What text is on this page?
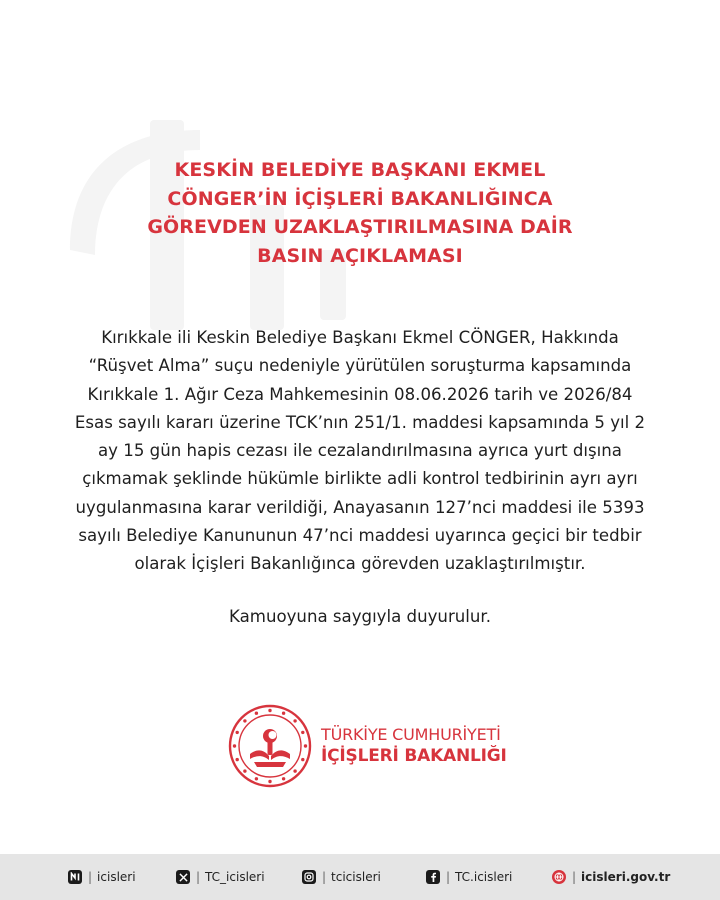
KESKİN BELEDİYE BAŞKANI EKMEL
CÖNGER’İN İÇİŞLERİ BAKANLIĞINCA
GÖREVDEN UZAKLAŞTIRILMASINA DAİR
BASIN AÇIKLAMASI
Kırıkkale ili Keskin Belediye Başkanı Ekmel CÖNGER, Hakkında
“Rüşvet Alma” suçu nedeniyle yürütülen soruşturma kapsamında
Kırıkkale 1. Ağır Ceza Mahkemesinin 08.06.2026 tarih ve 2026/84
Esas sayılı kararı üzerine TCK’nın 251/1. maddesi kapsamında 5 yıl 2
ay 15 gün hapis cezası ile cezalandırılmasına ayrıca yurt dışına
çıkmamak şeklinde hükümle birlikte adli kontrol tedbirinin ayrı ayrı
uygulanmasına karar verildiği, Anayasanın 127’nci maddesi ile 5393
sayılı Belediye Kanununun 47’nci maddesi uyarınca geçici bir tedbir
olarak İçişleri Bakanlığınca görevden uzaklaştırılmıştır.
Kamuoyuna saygıyla duyurulur.
TÜRKİYE CUMHURİYETİ
İÇİŞLERİ BAKANLIĞI
| icisleri	| TC_icisleri	| tcicisleri	| TC.icisleri	| icisleri.gov.tr
